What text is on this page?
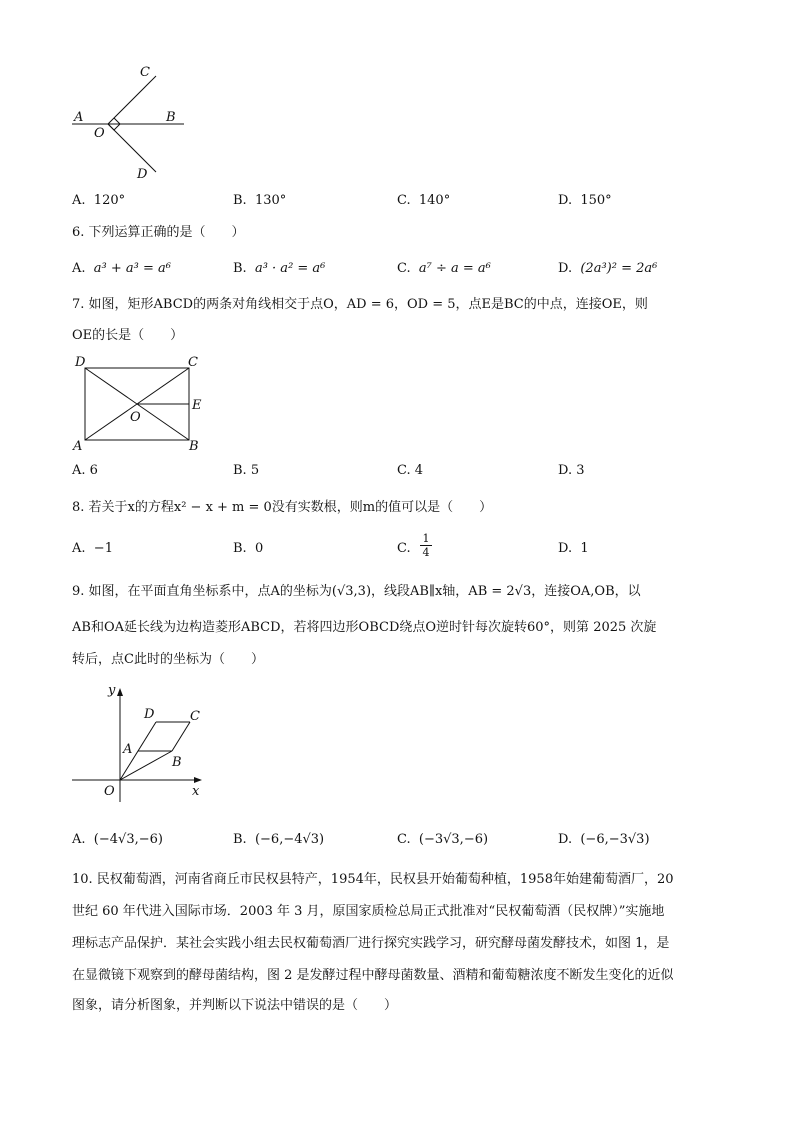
C
A	B
O
D
A. 120°	B. 130°	C. 140°	D. 150°
6. 下列运算正确的是（　　）
A. a³ + a³ = a⁶	B. a³ · a² = a⁶	C. a⁷ ÷ a = a⁶	D. (2a³)² = 2a⁶
7. 如图，矩形ABCD的两条对角线相交于点O，AD = 6，OD = 5，点E是BC的中点，连接OE，则
OE的长是（　　）
D	C
E
O
A	B
A. 6	B. 5	C. 4	D. 3
8. 若关于x的方程x² − x + m = 0没有实数根，则m的值可以是（　　）
A. −1	B. 0	C. $\frac{1}{4}$	D. 1
9. 如图，在平面直角坐标系中，点A的坐标为(√3,3)，线段AB∥x轴，AB = 2√3，连接OA,OB，以
AB和OA延长线为边构造菱形ABCD，若将四边形OBCD绕点O逆时针每次旋转60°，则第 2025 次旋
转后，点C此时的坐标为（　　）
y
D	C
A
B
O	x
A. (−4√3,−6)	B. (−6,−4√3)	C. (−3√3,−6)	D. (−6,−3√3)
10. 民权葡萄酒，河南省商丘市民权县特产，1954年，民权县开始葡萄种植，1958年始建葡萄酒厂，20
世纪 60 年代进入国际市场．2003 年 3 月，原国家质检总局正式批准对“民权葡萄酒（民权牌）”实施地
理标志产品保护．某社会实践小组去民权葡萄酒厂进行探究实践学习，研究酵母菌发酵技术，如图 1，是
在显微镜下观察到的酵母菌结构，图 2 是发酵过程中酵母菌数量、酒精和葡萄糖浓度不断发生变化的近似
图象，请分析图象，并判断以下说法中错误的是（　　）
